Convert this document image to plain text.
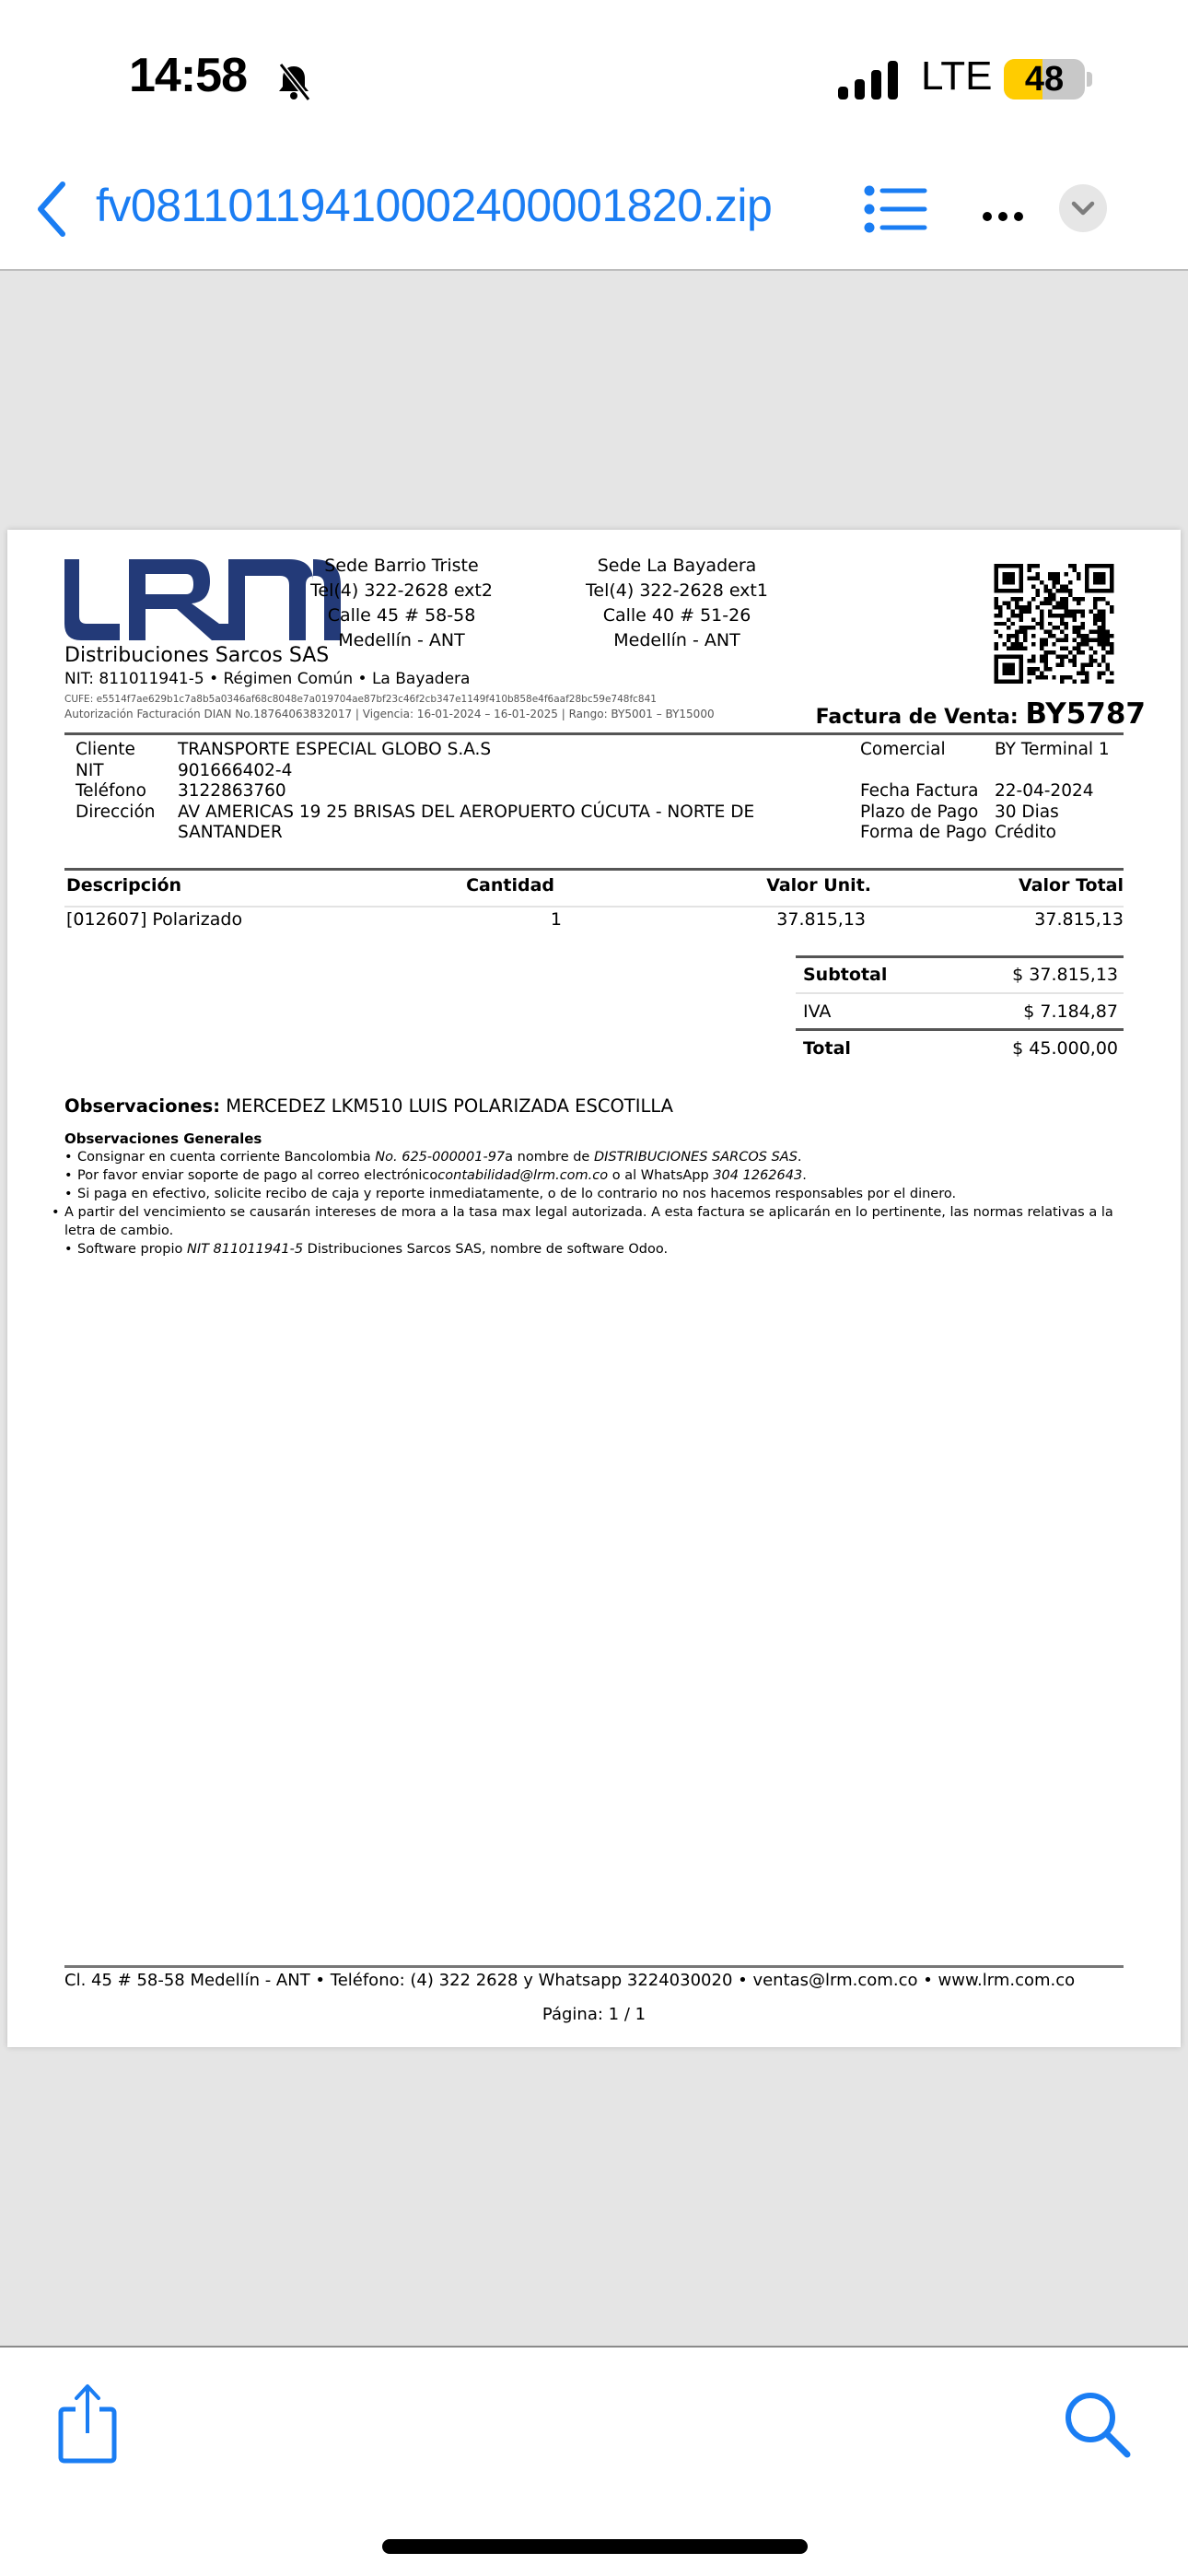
14:58	LTE 48
fv08110119410002400001820.zip
Distribuciones Sarcos SAS
NIT: 811011941-5 • Régimen Común • La Bayadera
CUFE: e5514f7ae629b1c7a8b5a0346af68c8048e7a019704ae87bf23c46f2cb347e1149f410b858e4f6aaf28bc59e748fc841
Autorización Facturación DIAN No.18764063832017 | Vigencia: 16-01-2024 – 16-01-2025 | Rango: BY5001 – BY15000
Sede Barrio Triste
Tel(4) 322-2628 ext2
Calle 45 # 58-58
Medellín - ANT
Sede La Bayadera
Tel(4) 322-2628 ext1
Calle 40 # 51-26
Medellín - ANT
Factura de Venta: BY5787
Cliente	TRANSPORTE ESPECIAL GLOBO S.A.S
NIT	901666402-4
Teléfono	3122863760
Dirección	AV AMERICAS 19 25 BRISAS DEL AEROPUERTO CÚCUTA - NORTE DE SANTANDER
Comercial	BY Terminal 1
Fecha Factura 22-04-2024
Plazo de Pago 30 Dias
Forma de Pago Crédito
Descripción	Cantidad	Valor Unit.	Valor Total
[012607] Polarizado	1	37.815,13	37.815,13
Subtotal	$ 37.815,13
IVA	$ 7.184,87
Total	$ 45.000,00
Observaciones: MERCEDEZ LKM510 LUIS POLARIZADA ESCOTILLA
Observaciones Generales
• Consignar en cuenta corriente Bancolombia No. 625-000001-97a nombre de DISTRIBUCIONES SARCOS SAS.
• Por favor enviar soporte de pago al correo electrónicocontabilidad@lrm.com.co o al WhatsApp 304 1262643.
• Si paga en efectivo, solicite recibo de caja y reporte inmediatamente, o de lo contrario no nos hacemos responsables por el dinero.
• A partir del vencimiento se causarán intereses de mora a la tasa max legal autorizada. A esta factura se aplicarán en lo pertinente, las normas relativas a la letra de cambio.
• Software propio NIT 811011941-5 Distribuciones Sarcos SAS, nombre de software Odoo.
Cl. 45 # 58-58 Medellín - ANT • Teléfono: (4) 322 2628 y Whatsapp 3224030020 • ventas@lrm.com.co • www.lrm.com.co
Página: 1 / 1
